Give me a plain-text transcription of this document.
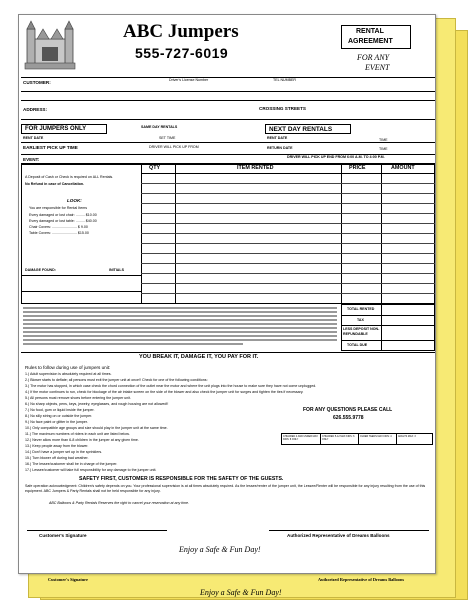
Customer's Signature	Authorized Representative of Dreams Balloons
Enjoy a Safe & Fun Day!
ABC Jumpers
555-727-6019
RENTAL
AGREEMENT
FOR ANY
EVENT
CUSTOMER:	Driver's License Number	TEL NUMBER
ADDRESS:	CROSSING STREETS
FOR JUMPERS ONLY	SAME DAY RENTALS	NEXT DAY RENTALS
RENT DATE	SET TIME	RENT DATE	TIME
EARLIEST PICK UP TIME	DRIVER WILL PICK UP FROM	RETURN DATE	TIME
DRIVER WILL PICK UP END FROM 6:00 A.M. TO 4:00 P.M.
EVENT:
QTY	ITEM RENTED	PRICE	AMOUNT
A Deposit of Cash or Check is required on ALL Rentals.
No Refund in case of Cancellation.
LOOK:
You are responsible for Rental Items
Every damaged or lost chair: ......... $10.00
Every damaged or lost table: ......... $40.00
Chair Covers: ......................... $ 9.00
Table Covers: ......................... $15.00
DAMAGE FOUND:	INITIALS
TOTAL RENTED
TAX
LESS DEPOSIT NON-REFUNDABLE
TOTAL DUE
YOU BREAK IT, DAMAGE IT, YOU PAY FOR IT.
Rules to follow during use of jumpers unit:
1.) Adult supervision is absolutely required at all times.
2.) Blower starts to deflate; all persons must exit the jumper unit at once!! Check for one of the following conditions:
3.) The motor has stopped, in which case check the chord connection of the outlet near the motor and where the unit plugs into the house to make sure they have not come unplugged.
4.) If the motor continues to run, check for blockage of the air intake screen on the side of the blower and also check the jumper unit for surges and tighten the ties if necessary.
5.) All persons must remove shoes before entering the jumper unit.
6.) No sharp objects, pens, keys, jewelry, eyeglasses, and rough housing are not allowed!!
7.) No food, gum or liquid inside the jumper.
8.) No silly string on or outside the jumper.
9.) No face paint or glitter in the jumper.
10.) Only compatible age groups and size should play in the jumper unit at the same time.
11.) The maximum numbers of riders in each unit are listed below.
12.) Never allow more than 6-8 children in the jumper at any given time.
13.) Keep people away from the blower.
14.) Don't have a jumper set up in the sprinklers.
15.) Turn blower off during bad weather.
16.) The lessee/customer shall be in charge of the jumper.
17.) Lessee/customer will take full responsibility for any damage to the jumper unit.
FOR ANY QUESTIONS PLEASE CALL
626.555.9778
CHILDREN 4 AND UNDER MAX KIDS: 8 ONLY
CHILDREN 5-12 MAX KIDS: 6 ONLY
OLDER TEENS MAX KIDS: 4	ADULTS MAX: 3
SAFETY FIRST, CUSTOMER IS RESPONSIBLE FOR THE SAFETY OF THE GUESTS.
Safe operation acknowledgment: Children's safety depends on you. Your professional supervision is at all times absolutely required. As the lessee/renter of the jumper unit, the Lessee/Renter will be responsible for any injury resulting from the use of this equipment. ABC Jumpers & Party Rentals shall not be held responsible for any injury.
ABC Balloons & Party Rentals Reserves the right to cancel your reservation at any time.
Customer's Signature	Authorized Representative of Dreams Balloons
Enjoy a Safe & Fun Day!
